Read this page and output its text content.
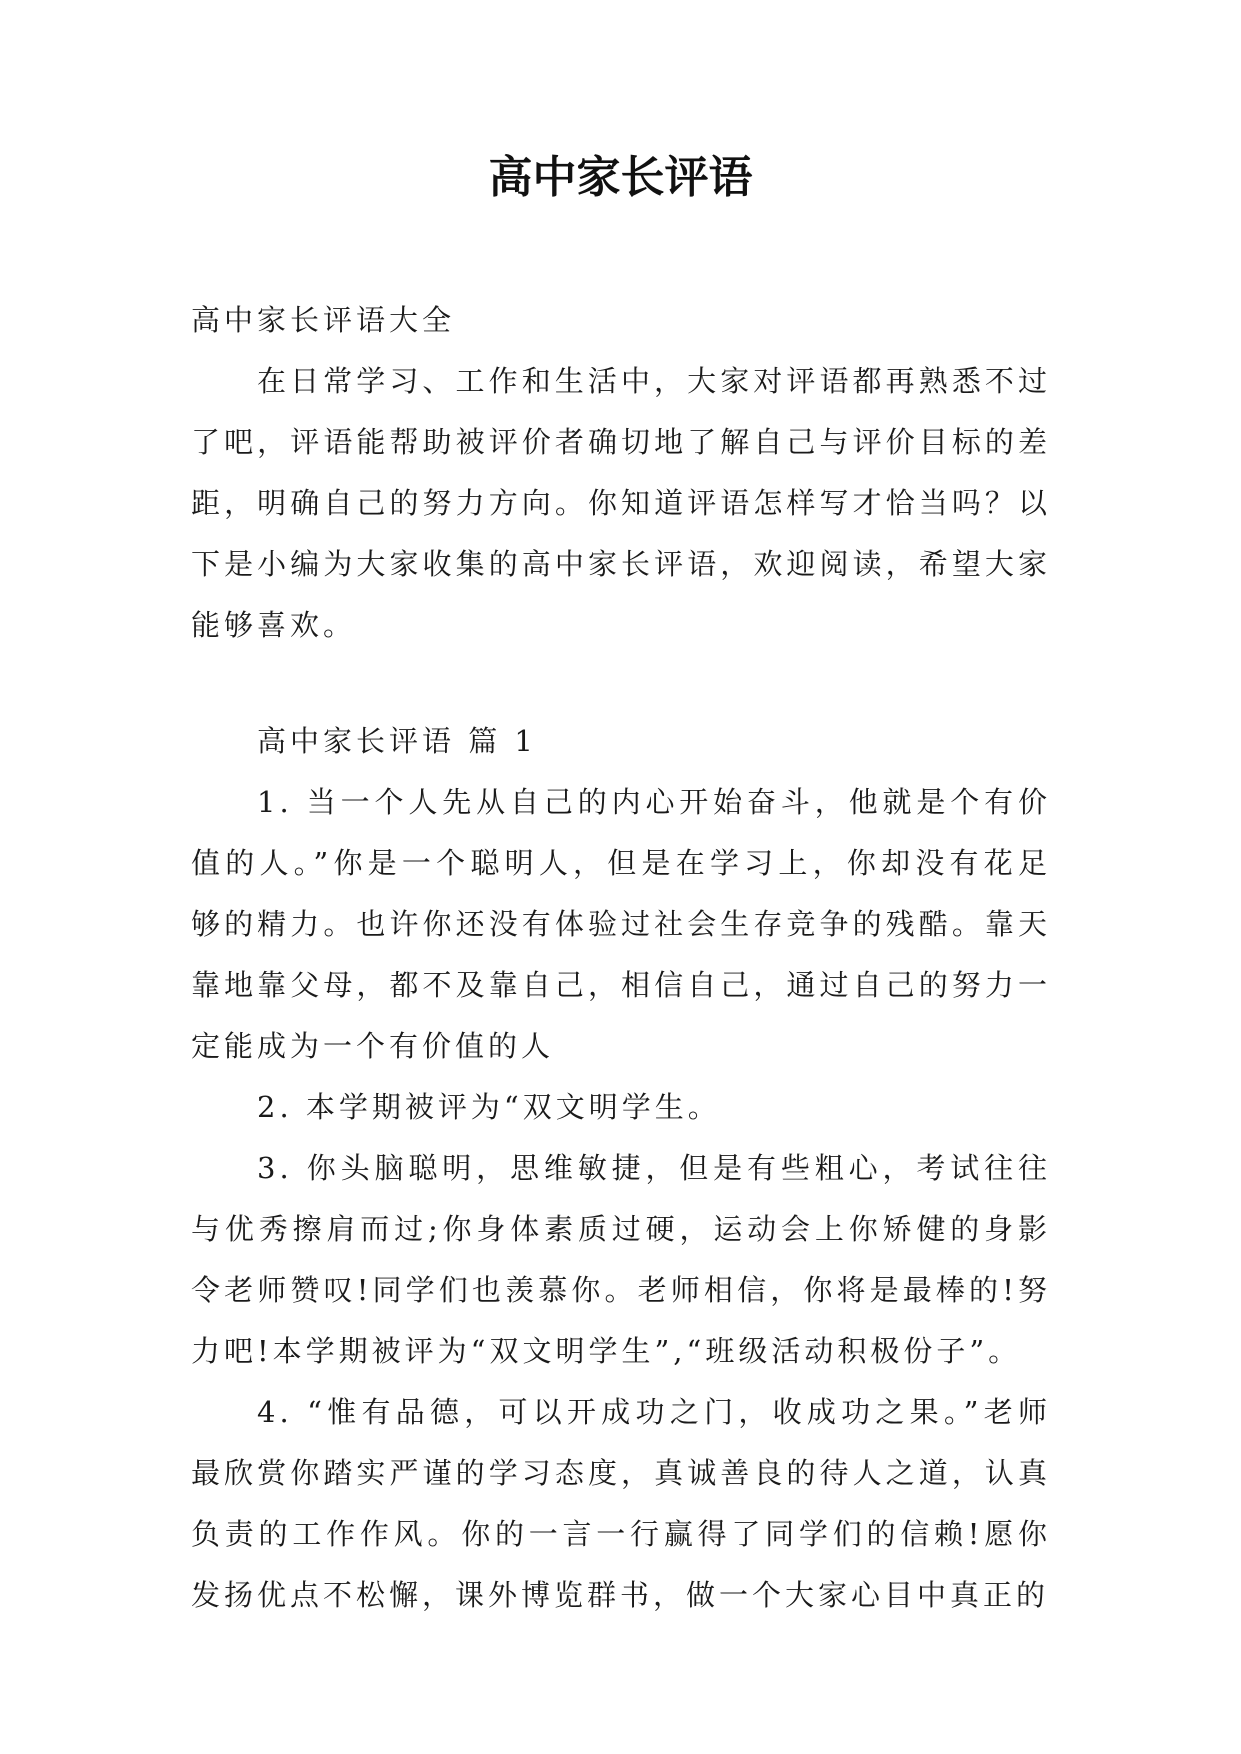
高中家长评语

高中家长评语大全

在日常学习、工作和生活中，大家对评语都再熟悉不过了吧，评语能帮助被评价者确切地了解自己与评价目标的差距，明确自己的努力方向。你知道评语怎样写才恰当吗？以下是小编为大家收集的高中家长评语，欢迎阅读，希望大家能够喜欢。

高中家长评语 篇 1

1. 当一个人先从自己的内心开始奋斗，他就是个有价值的人。”你是一个聪明人，但是在学习上，你却没有花足够的精力。也许你还没有体验过社会生存竞争的残酷。靠天靠地靠父母，都不及靠自己，相信自己，通过自己的努力一定能成为一个有价值的人

2. 本学期被评为“双文明学生。

3. 你头脑聪明，思维敏捷，但是有些粗心，考试往往与优秀擦肩而过;你身体素质过硬，运动会上你矫健的身影令老师赞叹!同学们也羡慕你。老师相信，你将是最棒的!努力吧!本学期被评为“双文明学生”,“班级活动积极份子”。

4. “惟有品德，可以开成功之门，收成功之果。”老师最欣赏你踏实严谨的学习态度，真诚善良的待人之道，认真负责的工作作风。你的一言一行赢得了同学们的信赖!愿你发扬优点不松懈，课外博览群书，做一个大家心目中真正的
